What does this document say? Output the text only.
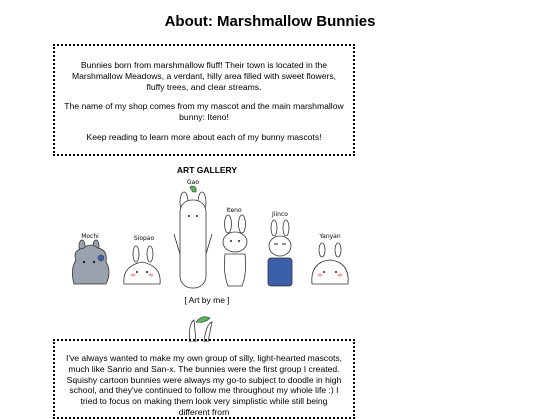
About: Marshmallow Bunnies

Bunnies born from marshmallow fluff! Their town is located in the Marshmallow Meadows, a verdant, hilly area filled with sweet flowers, fluffy trees, and clear streams.

The name of my shop comes from my mascot and the main marshmallow bunny: Iteno!

Keep reading to learn more about each of my bunny mascots!

ART GALLERY
Mochi	Siopao
Gao
Iteno
Jiinco
Yanyan
[ Art by me ]

I've always wanted to make my own group of silly, light-hearted mascots, much like Sanrio and San-x. The bunnies were the first group I created. Squishy cartoon bunnies were always my go-to subject to doodle in high school, and they've continued to follow me throughout my whole life :) I tried to focus on making them look very simplistic while still being different from
